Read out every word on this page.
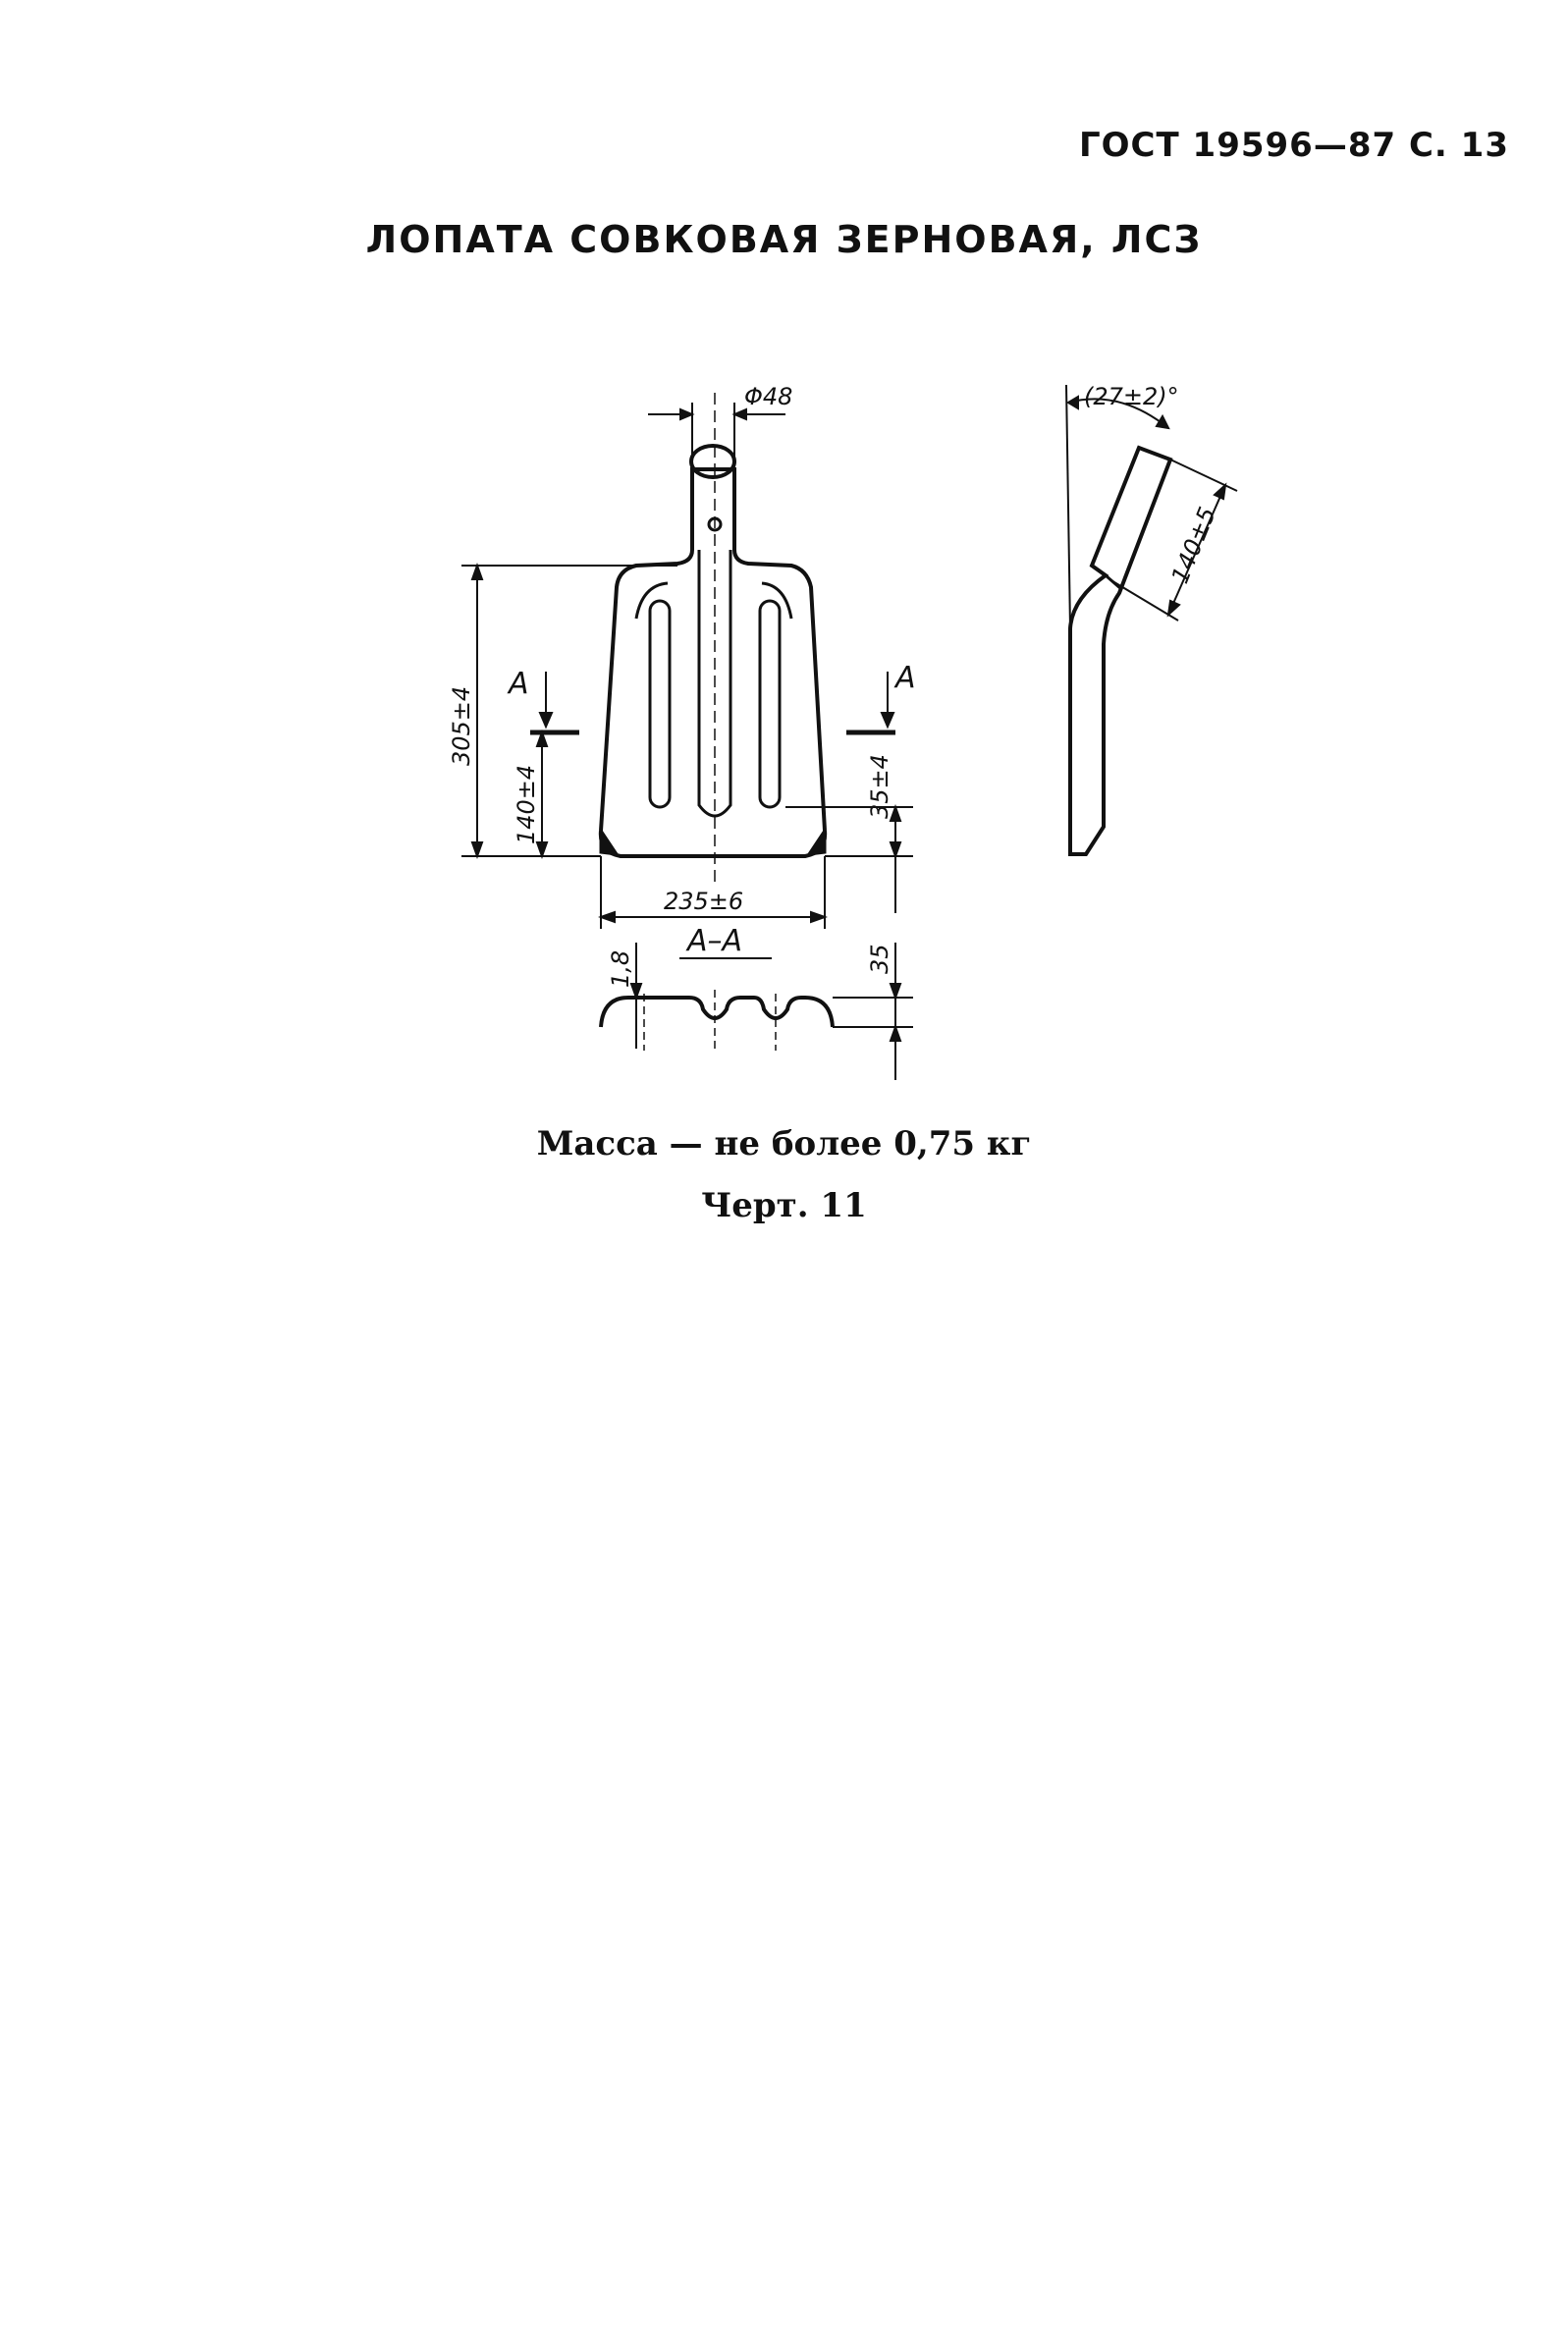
ГОСТ 19596—87 С. 13
ЛОПАТА СОВКОВАЯ ЗЕРНОВАЯ, ЛСЗ
Φ48
305±4
140±4
А	А
35±4
235±6
А–А
1,8	35
(27±2)°
140±5
Масса — не более 0,75 кг
Черт. 11
